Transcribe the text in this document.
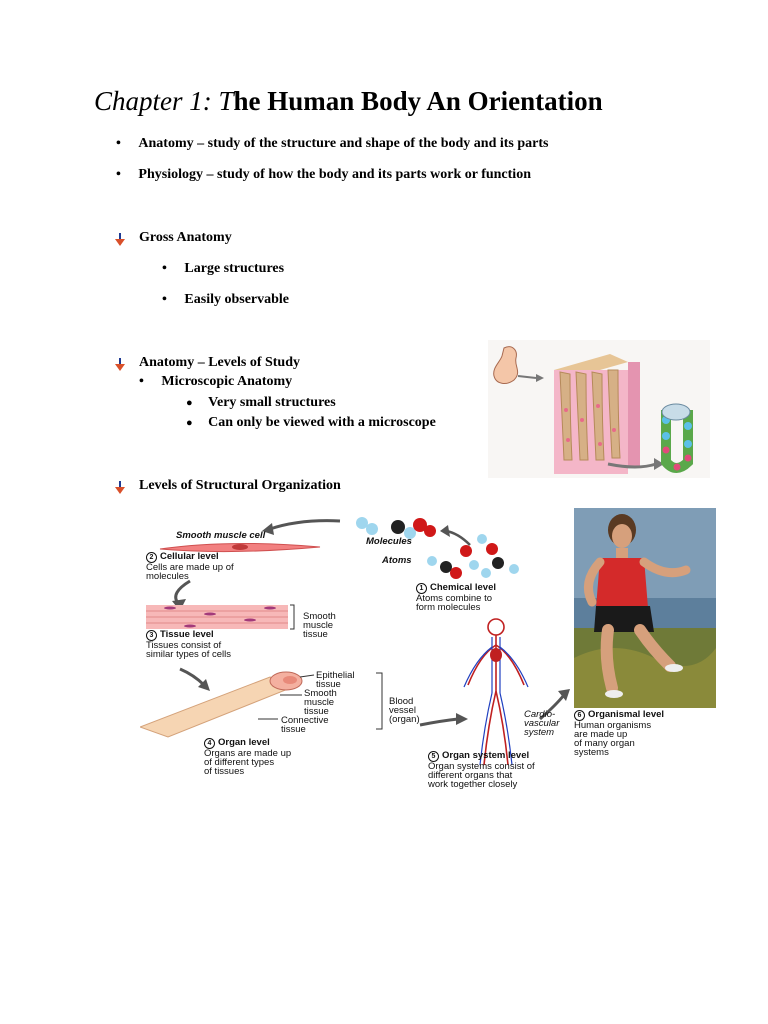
Chapter 1: The Human Body An Orientation
• Anatomy – study of the structure and shape of the body and its parts
• Physiology – study of how the body and its parts work or function
Gross Anatomy
• Large structures
• Easily observable
Anatomy – Levels of Study
• Microscopic Anatomy
● Very small structures
● Can only be viewed with a microscope
Levels of Structural Organization
Smooth muscle cell
Molecules
Atoms
2 Cellular level
Cells are made up of
molecules
1 Chemical level
Atoms combine to
form molecules
Smooth
muscle
tissue
3 Tissue level
Tissues consist of
similar types of cells
Epithelial
tissue
Smooth
muscle
tissue
Connective
tissue
Blood
vessel
(organ)
4 Organ level
Organs are made up
of different types
of tissues
Cardio-
vascular
system
6 Organismal level
Human organisms
are made up
of many organ
systems
5 Organ system level
Organ systems consist of
different organs that
work together closely
